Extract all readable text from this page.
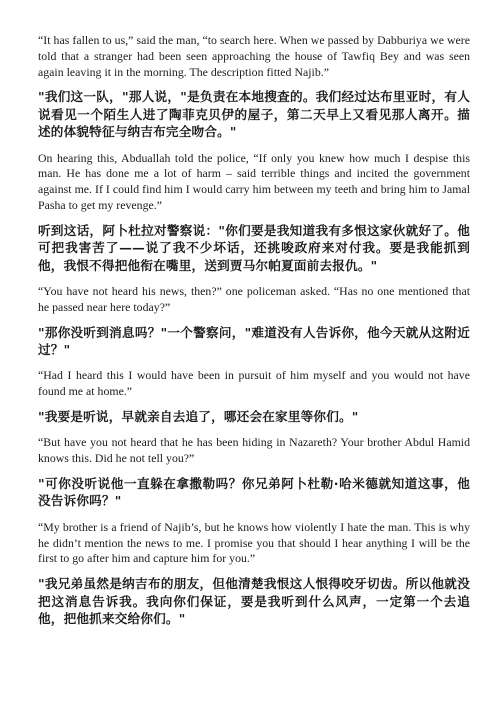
“It has fallen to us,” said the man, “to search here. When we passed by Dabburiya we were told that a stranger had been seen approaching the house of Tawfiq Bey and was seen again leaving it in the morning. The description fitted Najib.”

"我们这一队，"那人说，"是负责在本地搜查的。我们经过达布里亚时，有人说看见一个陌生人进了陶菲克贝伊的屋子，第二天早上又看见那人离开。描述的体貌特征与纳吉布完全吻合。"

On hearing this, Abduallah told the police, “If only you knew how much I despise this man. He has done me a lot of harm – said terrible things and incited the government against me. If I could find him I would carry him between my teeth and bring him to Jamal Pasha to get my revenge.”

听到这话，阿卜杜拉对警察说："你们要是我知道我有多恨这家伙就好了。他可把我害苦了——说了我不少坏话，还挑唆政府来对付我。要是我能抓到他，我恨不得把他衔在嘴里，送到贾马尔帕夏面前去报仇。"

“You have not heard his news, then?” one policeman asked. “Has no one mentioned that he passed near here today?”

"那你没听到消息吗？"一个警察问，"难道没有人告诉你，他今天就从这附近过？"

“Had I heard this I would have been in pursuit of him myself and you would not have found me at home.”

"我要是听说，早就亲自去追了，哪还会在家里等你们。"

“But have you not heard that he has been hiding in Nazareth? Your brother Abdul Hamid knows this. Did he not tell you?”

"可你没听说他一直躲在拿撒勒吗？你兄弟阿卜杜勒·哈米德就知道这事，他没告诉你吗？"

“My brother is a friend of Najib’s, but he knows how violently I hate the man. This is why he didn’t mention the news to me. I promise you that should I hear anything I will be the first to go after him and capture him for you.”

"我兄弟虽然是纳吉布的朋友，但他清楚我恨这人恨得咬牙切齿。所以他就没把这消息告诉我。我向你们保证，要是我听到什么风声，一定第一个去追他，把他抓来交给你们。"
